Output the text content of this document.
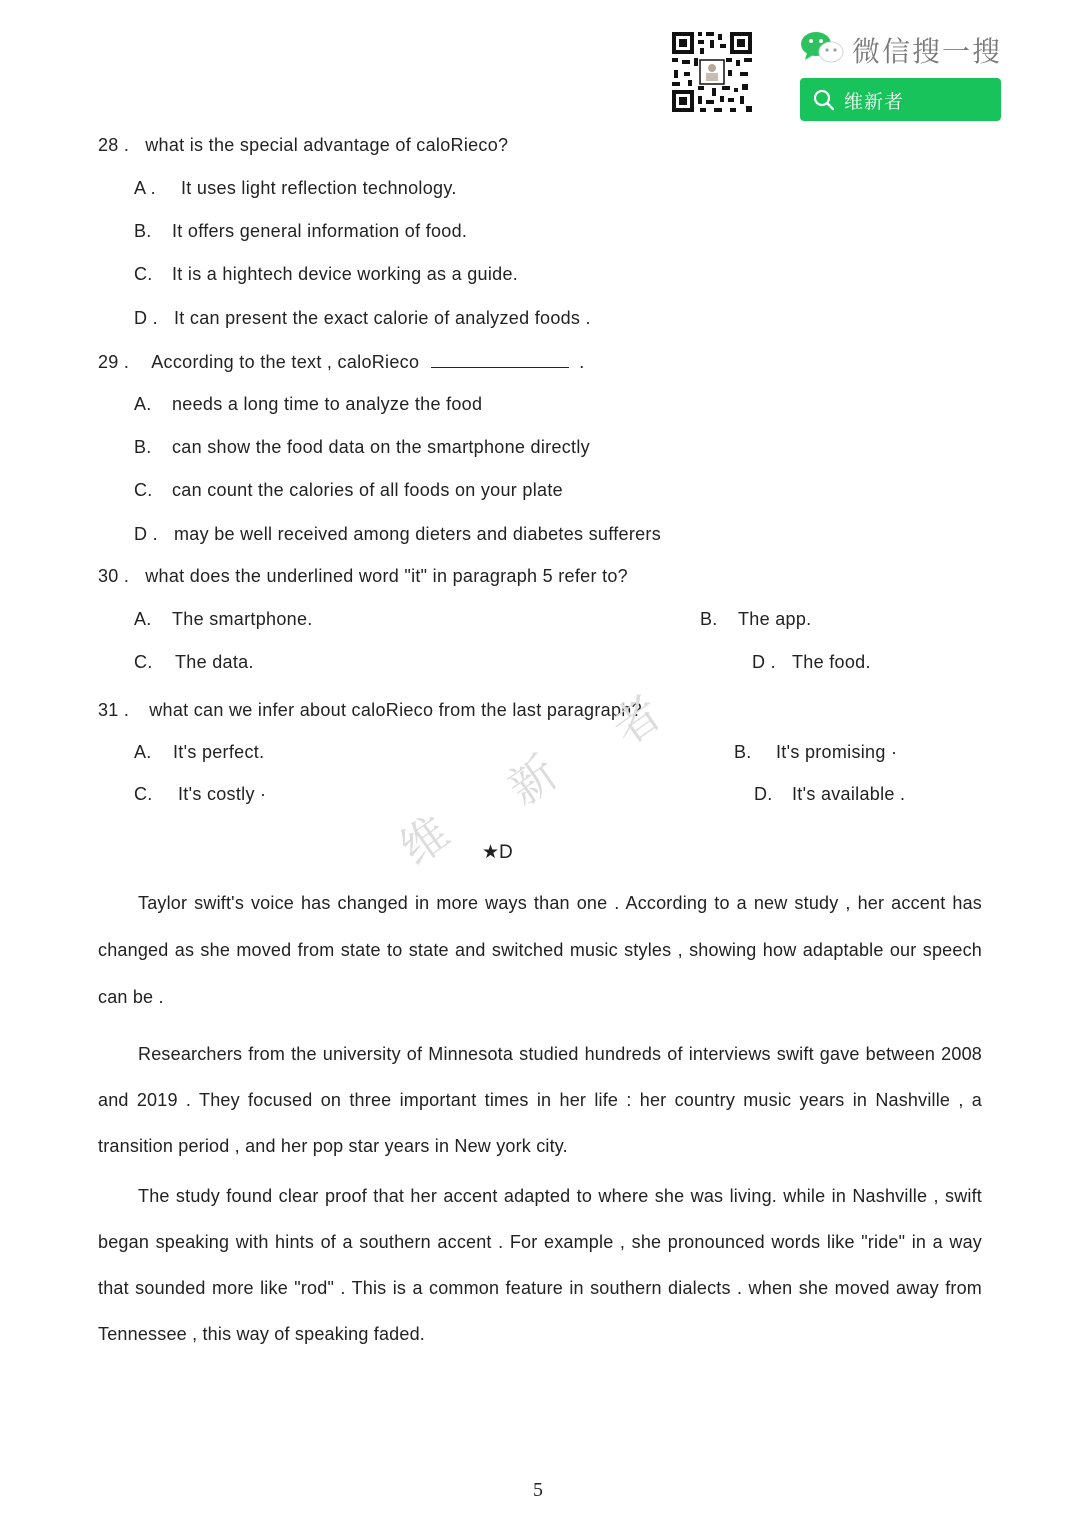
微信搜一搜
维新者
28 . what is the special advantage of caloRieco?
A . It uses light reflection technology.
B. It offers general information of food.
C. It is a hightech device working as a guide.
D . It can present the exact calorie of analyzed foods .
29 . According to the text , caloRieco	.
A. needs a long time to analyze the food
B. can show the food data on the smartphone directly
C. can count the calories of all foods on your plate
D . may be well received among dieters and diabetes sufferers
30 . what does the underlined word "it" in paragraph 5 refer to?
A. The smartphone.	B. The app.
C. The data.	D . The food.
31 . what can we infer about caloRieco from the last paragraph?
A. It's perfect.	B. It's promising ·
C. It's costly ·	D. It's available .
维
新
者
★D

Taylor swift's voice has changed in more ways than one . According to a new study , her accent has changed as she moved from state to state and switched music styles , showing how adaptable our speech can be .

Researchers from the university of Minnesota studied hundreds of interviews swift gave between 2008 and 2019 . They focused on three important times in her life : her country music years in Nashville , a transition period , and her pop star years in New york city.

The study found clear proof that her accent adapted to where she was living. while in Nashville , swift began speaking with hints of a southern accent . For example , she pronounced words like "ride" in a way that sounded more like "rod" . This is a common feature in southern dialects . when she moved away from Tennessee , this way of speaking faded.

5
